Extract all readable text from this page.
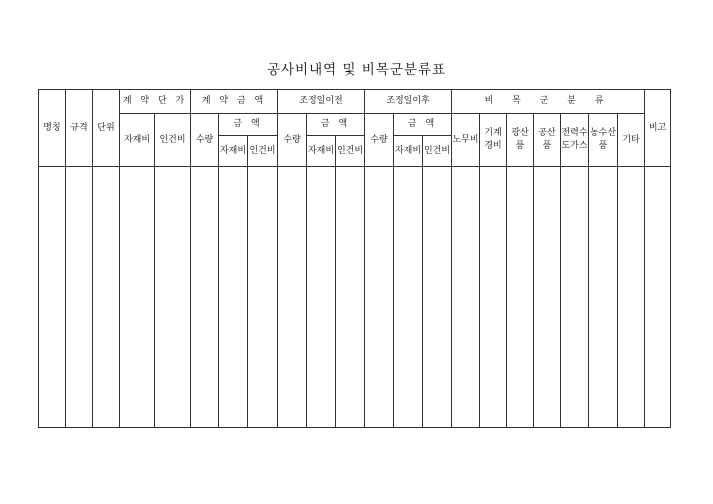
공사비내역 및 비목군분류표
명칭	규격	단위	계 약 단 가		계 약 금 액			조정일이전			조정일이후			비 목 군 분 류							비고
			자재비	인건비	수량	금 액		수량	금 액		수량	금 액		노무비	기계경비	광산품	공산품	전력수도가스	농수산품	기타	
						자재비	인건비		자재비	인건비		자재비	인건비								
